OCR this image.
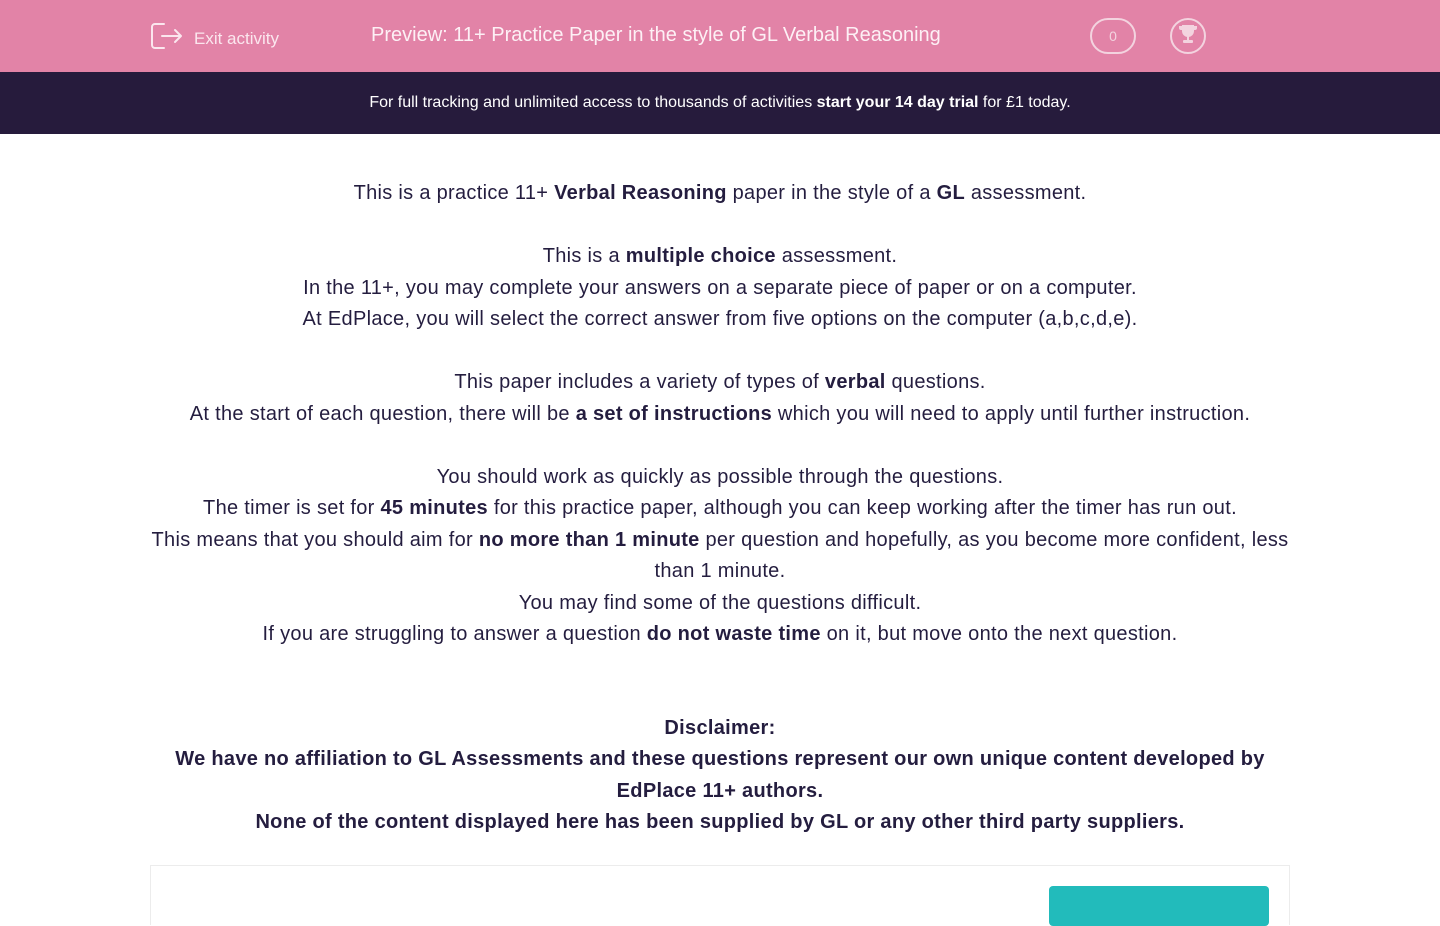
Exit activity	Preview: 11+ Practice Paper in the style of GL Verbal Reasoning	0
For full tracking and unlimited access to thousands of activities start your 14 day trial for £1 today.
This is a practice 11+ Verbal Reasoning paper in the style of a GL assessment.
This is a multiple choice assessment.
In the 11+, you may complete your answers on a separate piece of paper or on a computer.
At EdPlace, you will select the correct answer from five options on the computer (a,b,c,d,e).
This paper includes a variety of types of verbal questions.
At the start of each question, there will be a set of instructions which you will need to apply until further instruction.
You should work as quickly as possible through the questions.
The timer is set for 45 minutes for this practice paper, although you can keep working after the timer has run out.
This means that you should aim for no more than 1 minute per question and hopefully, as you become more confident, less than 1 minute.
You may find some of the questions difficult.
If you are struggling to answer a question do not waste time on it, but move onto the next question.
Disclaimer:
We have no affiliation to GL Assessments and these questions represent our own unique content developed by EdPlace 11+ authors.
None of the content displayed here has been supplied by GL or any other third party suppliers.
